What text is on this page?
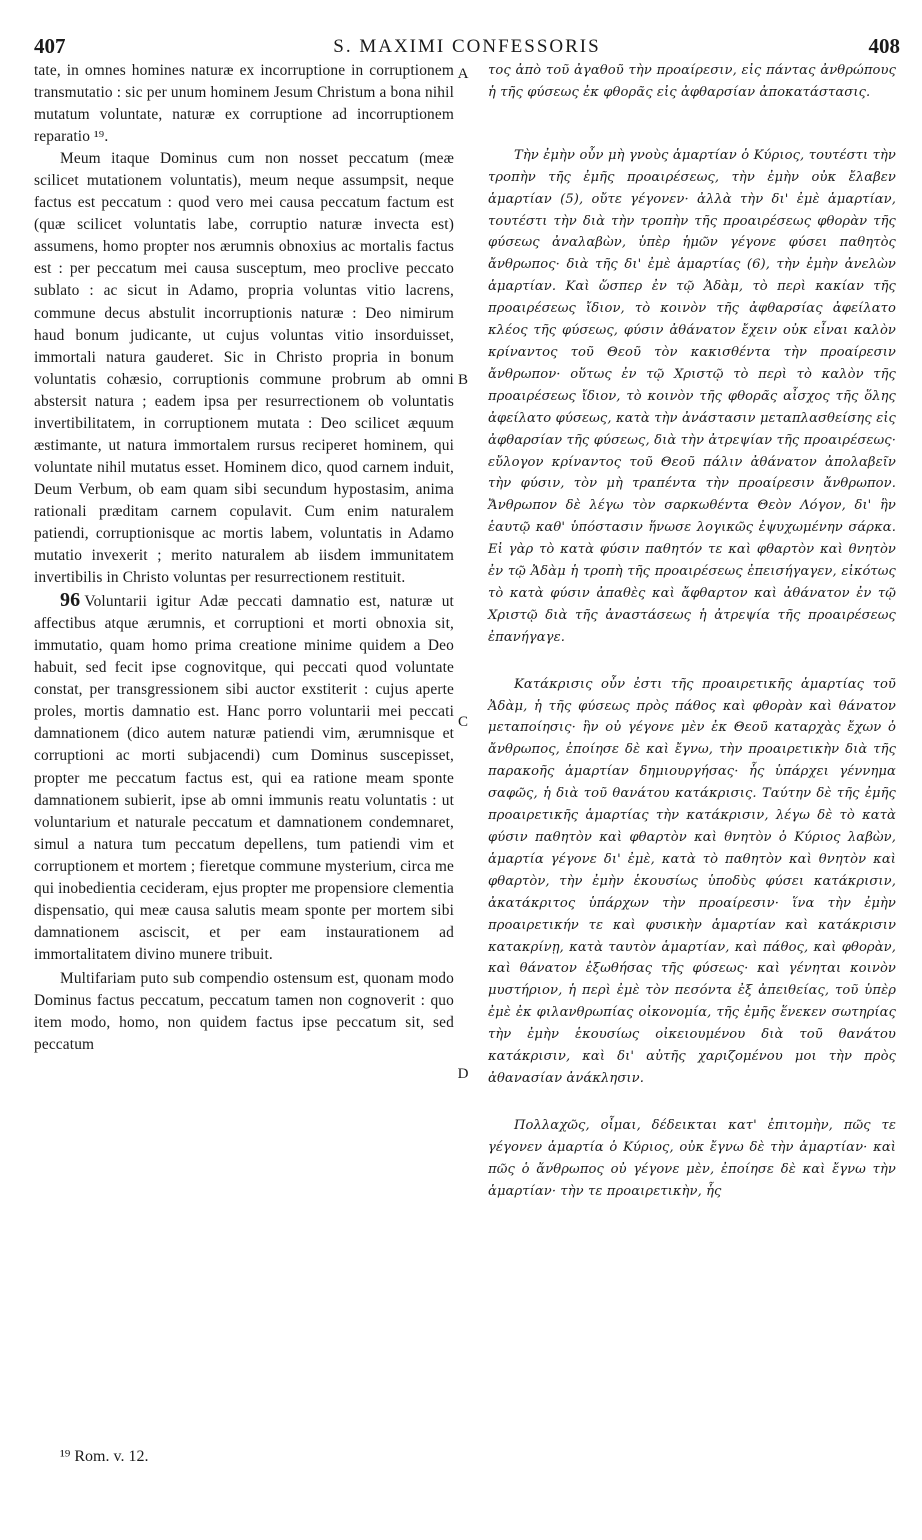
407	S. MAXIMI CONFESSORIS	408

tate, in omnes homines naturæ ex incorruptione in corruptionem transmutatio : sic per unum hominem Jesum Christum a bona nihil mutatum voluntate, naturæ ex corruptione ad incorruptionem reparatio ¹⁹.

Meum itaque Dominus cum non nosset peccatum (meæ scilicet mutationem voluntatis), meum neque assumpsit, neque factus est peccatum : quod vero mei causa peccatum factum est (quæ scilicet voluntatis labe, corruptio naturæ invecta est) assumens, homo propter nos ærumnis obnoxius ac mortalis factus est : per peccatum mei causa susceptum, meo proclive peccato sublato : ac sicut in Adamo, propria voluntas vitio lacrens, commune decus abstulit incorruptionis naturæ : Deo nimirum haud bonum judicante, ut cujus voluntas vitio insorduisset, immortali natura gauderet. Sic in Christo propria in bonum voluntatis cohæsio, corruptionis commune probrum ab omni abstersit natura ; eadem ipsa per resurrectionem ob voluntatis invertibilitatem, in corruptionem mutata : Deo scilicet æquum æstimante, ut natura immortalem rursus reciperet hominem, qui voluntate nihil mutatus esset. Hominem dico, quod carnem induit, Deum Verbum, ob eam quam sibi secundum hypostasim, anima rationali præditam carnem copulavit. Cum enim naturalem patiendi, corruptionisque ac mortis labem, voluntatis in Adamo mutatio invexerit ; merito naturalem ab iisdem immunitatem invertibilis in Christo voluntas per resurrectionem restituit.

96 Voluntarii igitur Adæ peccati damnatio est, naturæ ut affectibus atque ærumnis, et corruptioni et morti obnoxia sit, immutatio, quam homo prima creatione minime quidem a Deo habuit, sed fecit ipse cognovitque, qui peccati quod voluntate constat, per transgressionem sibi auctor exstiterit : cujus aperte proles, mortis damnatio est. Hanc porro voluntarii mei peccati damnationem (dico autem naturæ patiendi vim, ærumnisque et corruptioni ac morti subjacendi) cum Dominus suscepisset, propter me peccatum factus est, qui ea ratione meam sponte damnationem subierit, ipse ab omni immunis reatu voluntatis : ut voluntarium et naturale peccatum et damnationem condemnaret, simul a natura tum peccatum depellens, tum patiendi vim et corruptionem et mortem ; fieretque commune mysterium, circa me qui inobedientia cecideram, ejus propter me propensiore clementia dispensatio, qui meæ causa salutis meam sponte per mortem sibi damnationem asciscit, et per eam instaurationem ad immortalitatem divino munere tribuit.

Multifariam puto sub compendio ostensum est, quonam modo Dominus factus peccatum, peccatum tamen non cognoverit : quo item modo, homo, non quidem factus ipse peccatum sit, sed peccatum

A
B
C
D

τος ἀπὸ τοῦ ἀγαθοῦ τὴν προαίρεσιν, εἰς πάντας ἀνθρώπους ἡ τῆς φύσεως ἐκ φθορᾶς εἰς ἀφθαρσίαν ἀποκατάστασις.

Τὴν ἐμὴν οὖν μὴ γνοὺς ἁμαρτίαν ὁ Κύριος, τουτέστι τὴν τροπὴν τῆς ἐμῆς προαιρέσεως, τὴν ἐμὴν οὐκ ἔλαβεν ἁμαρτίαν (5), οὔτε γέγονεν· ἀλλὰ τὴν δι' ἐμὲ ἁμαρτίαν, τουτέστι τὴν διὰ τὴν τροπὴν τῆς προαιρέσεως φθορὰν τῆς φύσεως ἀναλαβὼν, ὑπὲρ ἡμῶν γέγονε φύσει παθητὸς ἄνθρωπος· διὰ τῆς δι' ἐμὲ ἁμαρτίας (6), τὴν ἐμὴν ἀνελὼν ἁμαρτίαν. Καὶ ὥσπερ ἐν τῷ Ἀδὰμ, τὸ περὶ κακίαν τῆς προαιρέσεως ἴδιον, τὸ κοινὸν τῆς ἀφθαρσίας ἀφείλατο κλέος τῆς φύσεως, φύσιν ἀθάνατον ἔχειν οὐκ εἶναι καλὸν κρίναντος τοῦ Θεοῦ τὸν κακισθέντα τὴν προαίρεσιν ἄνθρωπον· οὕτως ἐν τῷ Χριστῷ τὸ περὶ τὸ καλὸν τῆς προαιρέσεως ἴδιον, τὸ κοινὸν τῆς φθορᾶς αἶσχος τῆς ὅλης ἀφείλατο φύσεως, κατὰ τὴν ἀνάστασιν μεταπλασθείσης εἰς ἀφθαρσίαν τῆς φύσεως, διὰ τὴν ἀτρεψίαν τῆς προαιρέσεως· εὔλογον κρίναντος τοῦ Θεοῦ πάλιν ἀθάνατον ἀπολαβεῖν τὴν φύσιν, τὸν μὴ τραπέντα τὴν προαίρεσιν ἄνθρωπον. Ἄνθρωπον δὲ λέγω τὸν σαρκωθέντα Θεὸν Λόγον, δι' ἣν ἑαυτῷ καθ' ὑπόστασιν ἥνωσε λογικῶς ἐψυχωμένην σάρκα. Εἰ γὰρ τὸ κατὰ φύσιν παθητόν τε καὶ φθαρτὸν καὶ θνητὸν ἐν τῷ Ἀδὰμ ἡ τροπὴ τῆς προαιρέσεως ἐπεισήγαγεν, εἰκότως τὸ κατὰ φύσιν ἀπαθὲς καὶ ἄφθαρτον καὶ ἀθάνατον ἐν τῷ Χριστῷ διὰ τῆς ἀναστάσεως ἡ ἀτρεψία τῆς προαιρέσεως ἐπανήγαγε.

Κατάκρισις οὖν ἐστι τῆς προαιρετικῆς ἁμαρτίας τοῦ Ἀδὰμ, ἡ τῆς φύσεως πρὸς πάθος καὶ φθορὰν καὶ θάνατον μεταποίησις· ἣν οὐ γέγονε μὲν ἐκ Θεοῦ καταρχὰς ἔχων ὁ ἄνθρωπος, ἐποίησε δὲ καὶ ἔγνω, τὴν προαιρετικὴν διὰ τῆς παρακοῆς ἁμαρτίαν δημιουργήσας· ἧς ὑπάρχει γέννημα σαφῶς, ἡ διὰ τοῦ θανάτου κατάκρισις. Ταύτην δὲ τῆς ἐμῆς προαιρετικῆς ἁμαρτίας τὴν κατάκρισιν, λέγω δὲ τὸ κατὰ φύσιν παθητὸν καὶ φθαρτὸν καὶ θνητὸν ὁ Κύριος λαβὼν, ἁμαρτία γέγονε δι' ἐμὲ, κατὰ τὸ παθητὸν καὶ θνητὸν καὶ φθαρτὸν, τὴν ἐμὴν ἑκουσίως ὑποδὺς φύσει κατάκρισιν, ἀκατάκριτος ὑπάρχων τὴν προαίρεσιν· ἵνα τὴν ἐμὴν προαιρετικήν τε καὶ φυσικὴν ἁμαρτίαν καὶ κατάκρισιν κατακρίνῃ, κατὰ ταυτὸν ἁμαρτίαν, καὶ πάθος, καὶ φθορὰν, καὶ θάνατον ἐξωθήσας τῆς φύσεως· καὶ γένηται κοινὸν μυστήριον, ἡ περὶ ἐμὲ τὸν πεσόντα ἐξ ἀπειθείας, τοῦ ὑπὲρ ἐμὲ ἐκ φιλανθρωπίας οἰκονομία, τῆς ἐμῆς ἕνεκεν σωτηρίας τὴν ἐμὴν ἑκουσίως οἰκειουμένου διὰ τοῦ θανάτου κατάκρισιν, καὶ δι' αὐτῆς χαριζομένου μοι τὴν πρὸς ἀθανασίαν ἀνάκλησιν.

Πολλαχῶς, οἶμαι, δέδεικται κατ' ἐπιτομὴν, πῶς τε γέγονεν ἁμαρτία ὁ Κύριος, οὐκ ἔγνω δὲ τὴν ἁμαρτίαν· καὶ πῶς ὁ ἄνθρωπος οὐ γέγονε μὲν, ἐποίησε δὲ καὶ ἔγνω τὴν ἁμαρτίαν· τὴν τε προαιρετικὴν, ἧς

¹⁹ Rom. v. 12.
